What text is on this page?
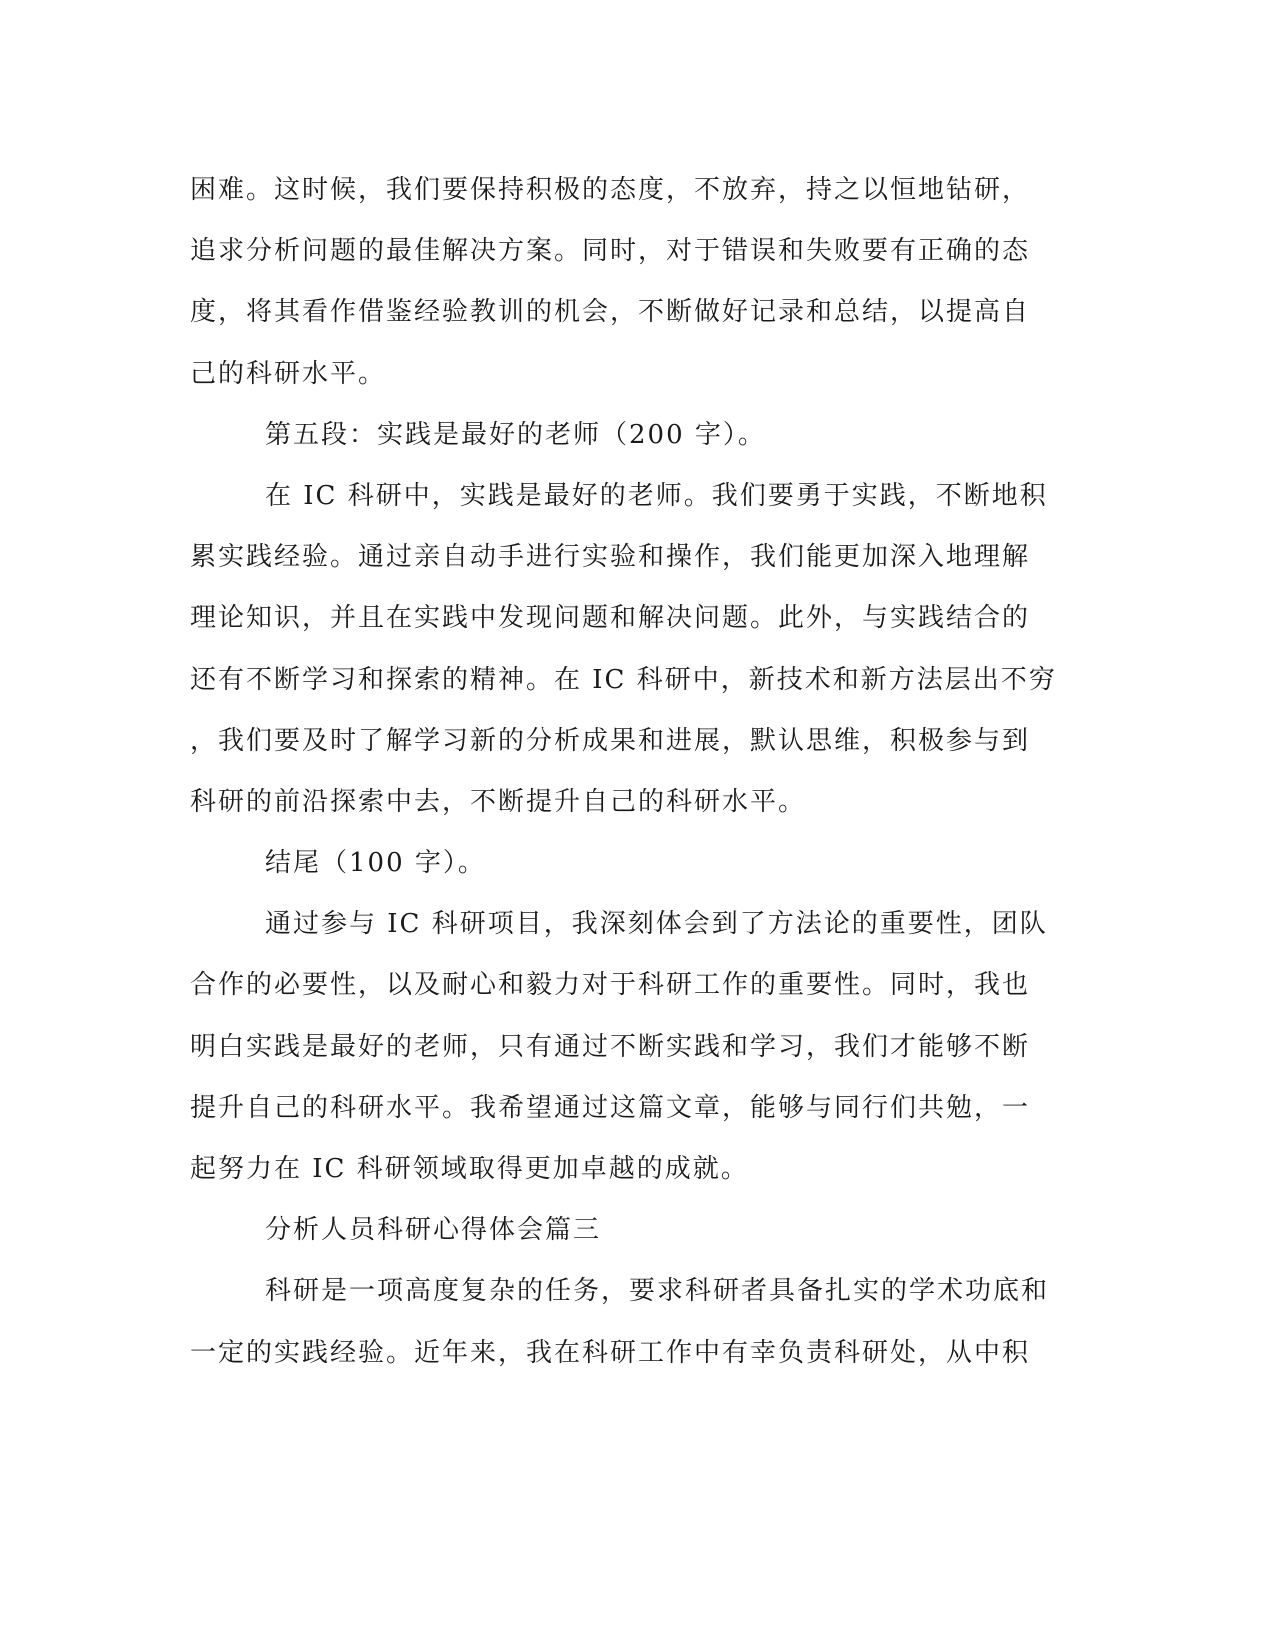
困难。这时候，我们要保持积极的态度，不放弃，持之以恒地钻研，
追求分析问题的最佳解决方案。同时，对于错误和失败要有正确的态
度，将其看作借鉴经验教训的机会，不断做好记录和总结，以提高自
己的科研水平。
第五段：实践是最好的老师（200 字）。
在 IC 科研中，实践是最好的老师。我们要勇于实践，不断地积
累实践经验。通过亲自动手进行实验和操作，我们能更加深入地理解
理论知识，并且在实践中发现问题和解决问题。此外，与实践结合的
还有不断学习和探索的精神。在 IC 科研中，新技术和新方法层出不穷
，我们要及时了解学习新的分析成果和进展，默认思维，积极参与到
科研的前沿探索中去，不断提升自己的科研水平。
结尾（100 字）。
通过参与 IC 科研项目，我深刻体会到了方法论的重要性，团队
合作的必要性，以及耐心和毅力对于科研工作的重要性。同时，我也
明白实践是最好的老师，只有通过不断实践和学习，我们才能够不断
提升自己的科研水平。我希望通过这篇文章，能够与同行们共勉，一
起努力在 IC 科研领域取得更加卓越的成就。
分析人员科研心得体会篇三
科研是一项高度复杂的任务，要求科研者具备扎实的学术功底和
一定的实践经验。近年来，我在科研工作中有幸负责科研处，从中积
